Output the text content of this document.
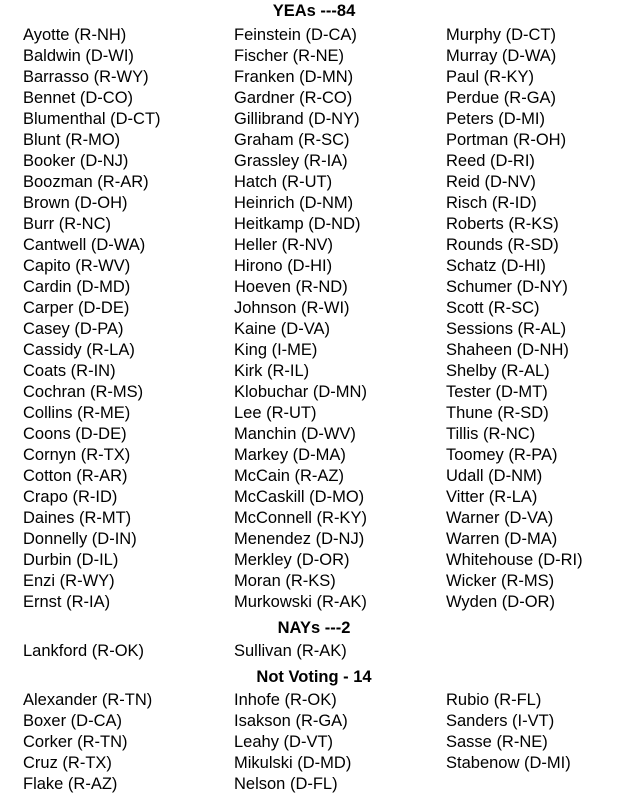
YEAs ---84
Ayotte (R-NH)
Baldwin (D-WI)
Barrasso (R-WY)
Bennet (D-CO)
Blumenthal (D-CT)
Blunt (R-MO)
Booker (D-NJ)
Boozman (R-AR)
Brown (D-OH)
Burr (R-NC)
Cantwell (D-WA)
Capito (R-WV)
Cardin (D-MD)
Carper (D-DE)
Casey (D-PA)
Cassidy (R-LA)
Coats (R-IN)
Cochran (R-MS)
Collins (R-ME)
Coons (D-DE)
Cornyn (R-TX)
Cotton (R-AR)
Crapo (R-ID)
Daines (R-MT)
Donnelly (D-IN)
Durbin (D-IL)
Enzi (R-WY)
Ernst (R-IA)
Feinstein (D-CA)
Fischer (R-NE)
Franken (D-MN)
Gardner (R-CO)
Gillibrand (D-NY)
Graham (R-SC)
Grassley (R-IA)
Hatch (R-UT)
Heinrich (D-NM)
Heitkamp (D-ND)
Heller (R-NV)
Hirono (D-HI)
Hoeven (R-ND)
Johnson (R-WI)
Kaine (D-VA)
King (I-ME)
Kirk (R-IL)
Klobuchar (D-MN)
Lee (R-UT)
Manchin (D-WV)
Markey (D-MA)
McCain (R-AZ)
McCaskill (D-MO)
McConnell (R-KY)
Menendez (D-NJ)
Merkley (D-OR)
Moran (R-KS)
Murkowski (R-AK)
Murphy (D-CT)
Murray (D-WA)
Paul (R-KY)
Perdue (R-GA)
Peters (D-MI)
Portman (R-OH)
Reed (D-RI)
Reid (D-NV)
Risch (R-ID)
Roberts (R-KS)
Rounds (R-SD)
Schatz (D-HI)
Schumer (D-NY)
Scott (R-SC)
Sessions (R-AL)
Shaheen (D-NH)
Shelby (R-AL)
Tester (D-MT)
Thune (R-SD)
Tillis (R-NC)
Toomey (R-PA)
Udall (D-NM)
Vitter (R-LA)
Warner (D-VA)
Warren (D-MA)
Whitehouse (D-RI)
Wicker (R-MS)
Wyden (D-OR)
NAYs ---2
Lankford (R-OK)	Sullivan (R-AK)
Not Voting - 14
Alexander (R-TN)
Boxer (D-CA)
Corker (R-TN)
Cruz (R-TX)
Flake (R-AZ)
Inhofe (R-OK)
Isakson (R-GA)
Leahy (D-VT)
Mikulski (D-MD)
Nelson (D-FL)
Rubio (R-FL)
Sanders (I-VT)
Sasse (R-NE)
Stabenow (D-MI)
